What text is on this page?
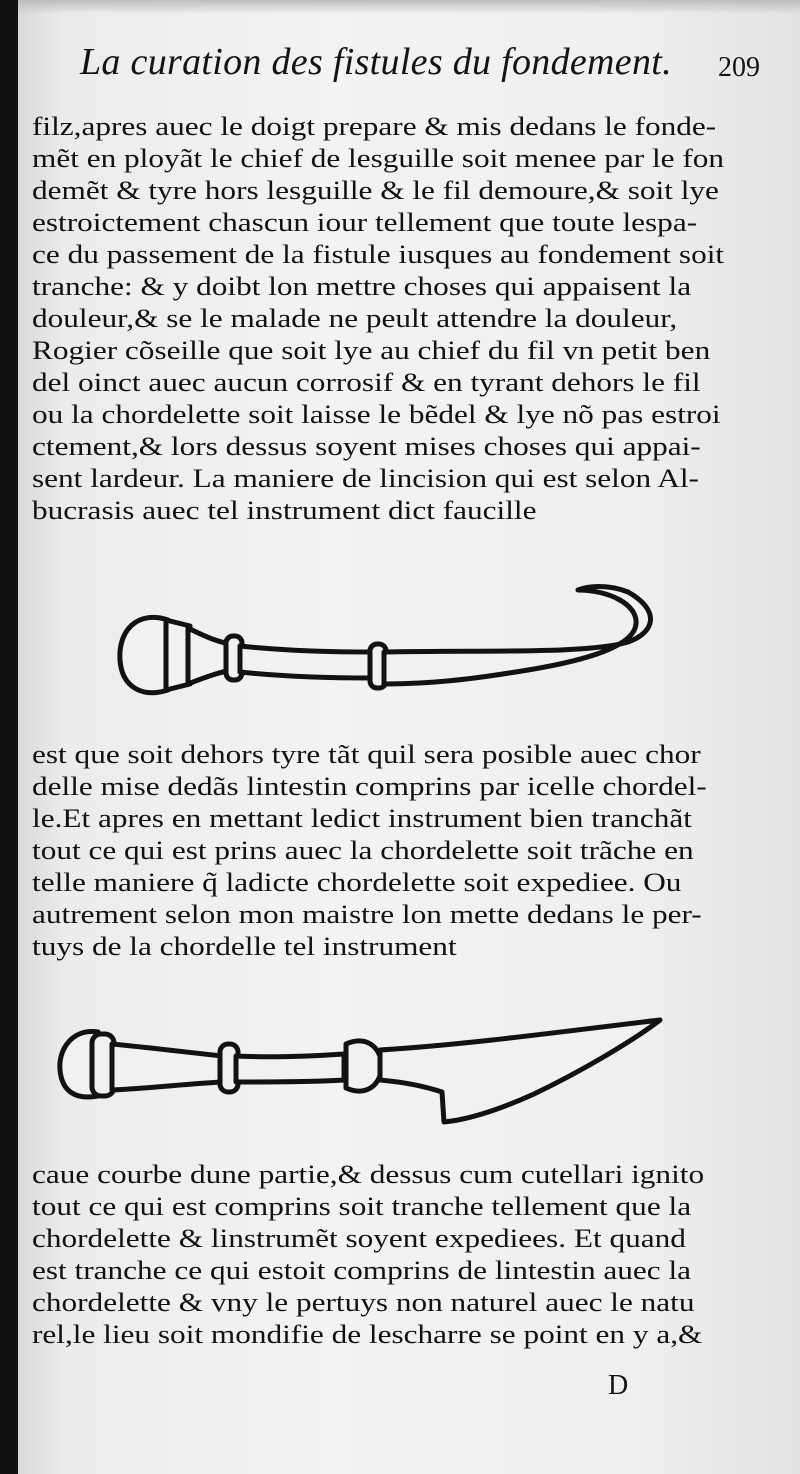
La curation des fistules du fondement. 209
filz,apres auec le doigt prepare & mis dedans le fonde-
mẽt en ployãt le chief de lesguille soit menee par le fon
demẽt & tyre hors lesguille & le fil demoure,& soit lye
estroictement chascun iour tellement que toute lespa-
ce du passement de la fistule iusques au fondement soit
tranche: & y doibt lon mettre choses qui appaisent la
douleur,& se le malade ne peult attendre la douleur,
Rogier cõseille que soit lye au chief du fil vn petit ben
del oinct auec aucun corrosif & en tyrant dehors le fil
ou la chordelette soit laisse le bẽdel & lye nõ pas estroi
ctement,& lors dessus soyent mises choses qui appai-
sent lardeur. La maniere de lincision qui est selon Al-
bucrasis auec tel instrument dict faucille
est que soit dehors tyre tãt quil sera posible auec chor
delle mise dedãs lintestin comprins par icelle chordel-
le.Et apres en mettant ledict instrument bien tranchãt
tout ce qui est prins auec la chordelette soit trãche en
telle maniere q̃ ladicte chordelette soit expediee. Ou
autrement selon mon maistre lon mette dedans le per-
tuys de la chordelle tel instrument
caue courbe dune partie,& dessus cum cutellari ignito
tout ce qui est comprins soit tranche tellement que la
chordelette & linstrumẽt soyent expediees. Et quand
est tranche ce qui estoit comprins de lintestin auec la
chordelette & vny le pertuys non naturel auec le natu
rel,le lieu soit mondifie de lescharre se point en y a,&
D
